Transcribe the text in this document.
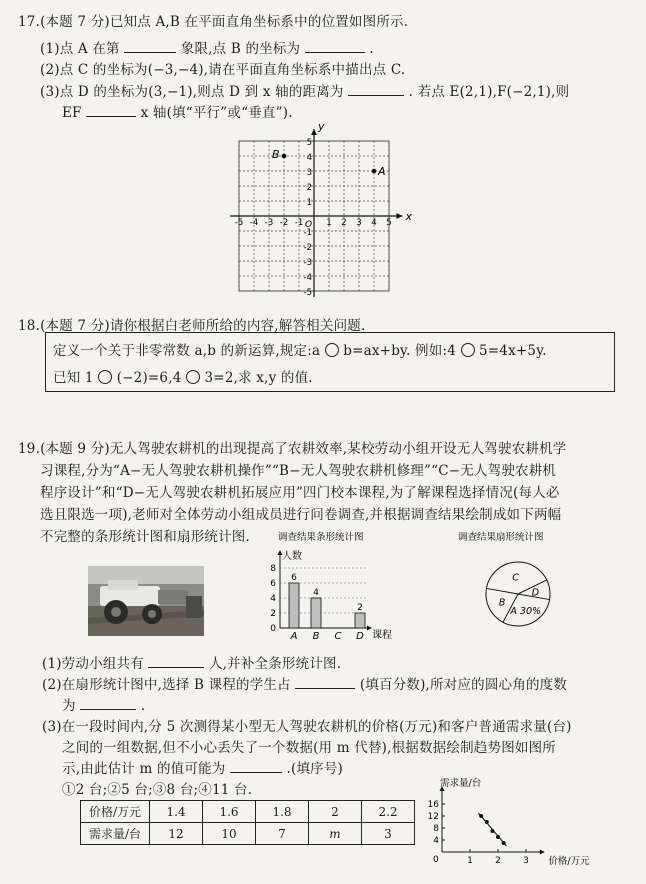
17.(本题 7 分)已知点 A,B 在平面直角坐标系中的位置如图所示.
(1)点 A 在第	象限,点 B 的坐标为	.
(2)点 C 的坐标为(−3,−4),请在平面直角坐标系中描出点 C.
(3)点 D 的坐标为(3,−1),则点 D 到 x 轴的距离为	. 若点 E(2,1),F(−2,1),则
EF	x 轴(填“平行”或“垂直”).
x
y
O
-5 -4 -3 -2 -1	1 2 3 4 5
5
4
3
2
1
-1
-2
-3
-4
-5
A
B
18.(本题 7 分)请你根据白老师所给的内容,解答相关问题.
定义一个关于非零常数 a,b 的新运算,规定:a b=ax+by. 例如:4 5=4x+5y.
已知 1 (−2)=6,4 3=2,求 x,y 的值.
19.(本题 9 分)无人驾驶农耕机的出现提高了农耕效率,某校劳动小组开设无人驾驶农耕机学
习课程,分为“A−无人驾驶农耕机操作”“B−无人驾驶农耕机修理”“C−无人驾驶农耕机
程序设计”和“D−无人驾驶农耕机拓展应用”四门校本课程,为了解课程选择情况(每人必
选且限选一项),老师对全体劳动小组成员进行问卷调查,并根据调查结果绘制成如下两幅
不完整的条形统计图和扇形统计图.	调查结果条形统计图
人数
课程
0
2
4
6
8
A
6
B
4
C D
2
调查结果扇形统计图
A 30%
B
C
D
(1)劳动小组共有	人,并补全条形统计图.
(2)在扇形统计图中,选择 B 课程的学生占	(填百分数),所对应的圆心角的度数
为	.
(3)在一段时间内,分 5 次测得某小型无人驾驶农耕机的价格(万元)和客户普通需求量(台)
之间的一组数据,但不小心丢失了一个数据(用 m 代替),根据数据绘制趋势图如图所
示,由此估计 m 的值可能为	.(填序号)
①2 台;②5 台;③8 台;④11 台.
价格/万元	1.4	1.6	1.8	2	2.2
需求量/台	12	10	7	m	3
需求量/台
价格/万元
0
4
8
12
16
1 2 3
